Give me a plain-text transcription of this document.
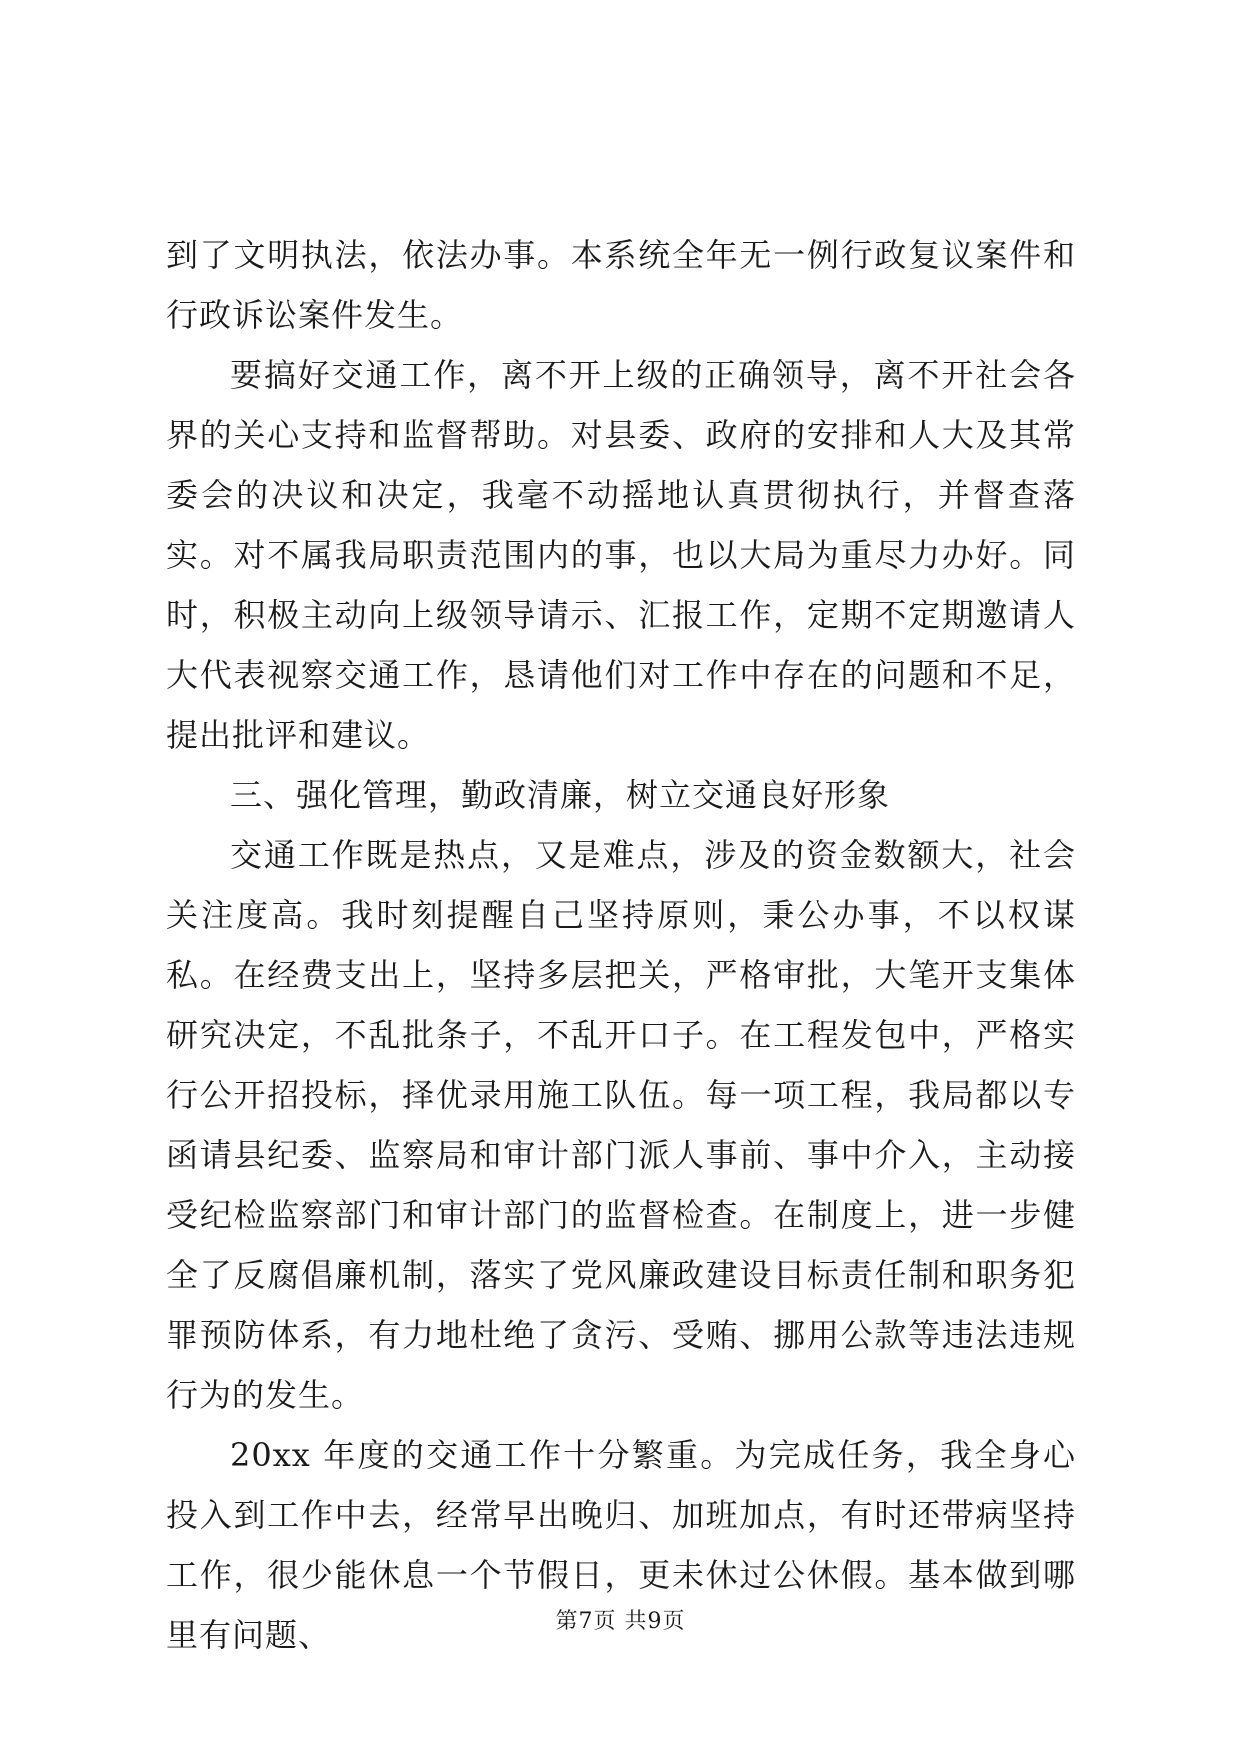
到了文明执法，依法办事。本系统全年无一例行政复议案件和行政诉讼案件发生。

要搞好交通工作，离不开上级的正确领导，离不开社会各界的关心支持和监督帮助。对县委、政府的安排和人大及其常委会的决议和决定，我毫不动摇地认真贯彻执行，并督查落实。对不属我局职责范围内的事，也以大局为重尽力办好。同时，积极主动向上级领导请示、汇报工作，定期不定期邀请人大代表视察交通工作，恳请他们对工作中存在的问题和不足，提出批评和建议。

三、强化管理，勤政清廉，树立交通良好形象

交通工作既是热点，又是难点，涉及的资金数额大，社会关注度高。我时刻提醒自己坚持原则，秉公办事，不以权谋私。在经费支出上，坚持多层把关，严格审批，大笔开支集体研究决定，不乱批条子，不乱开口子。在工程发包中，严格实行公开招投标，择优录用施工队伍。每一项工程，我局都以专函请县纪委、监察局和审计部门派人事前、事中介入，主动接受纪检监察部门和审计部门的监督检查。在制度上，进一步健全了反腐倡廉机制，落实了党风廉政建设目标责任制和职务犯罪预防体系，有力地杜绝了贪污、受贿、挪用公款等违法违规行为的发生。

20xx 年度的交通工作十分繁重。为完成任务，我全身心投入到工作中去，经常早出晚归、加班加点，有时还带病坚持工作，很少能休息一个节假日，更未休过公休假。基本做到哪里有问题、	第7页 共9页
